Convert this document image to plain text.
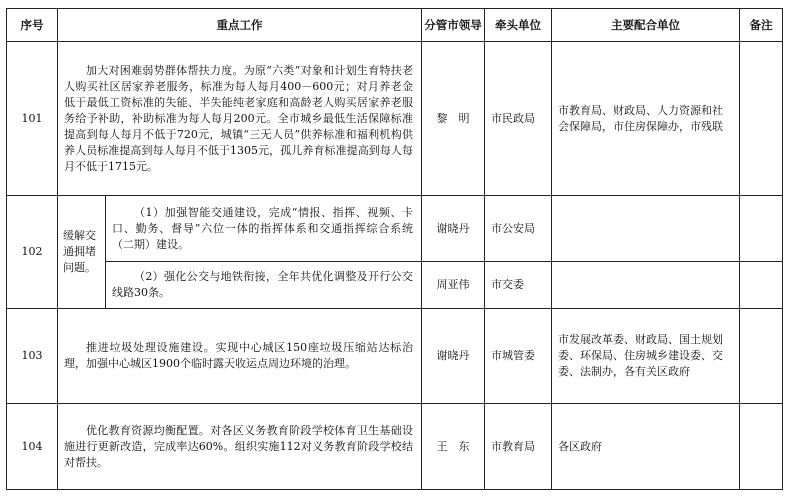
序号	重点工作		分管市领导	牵头单位	主要配合单位	备注
101	加大对困难弱势群体帮扶力度。为原“六类”对象和计划生育特扶老人购买社区居家养老服务，标准为每人每月400－600元；对月养老金低于最低工资标准的失能、半失能纯老家庭和高龄老人购买居家养老服务给予补助，补助标准为每人每月200元。全市城乡最低生活保障标准提高到每人每月不低于720元，城镇“三无人员”供养标准和福利机构供养人员标准提高到每人每月不低于1305元，孤儿养育标准提高到每人每月不低于1715元。		黎　明	市民政局	市教育局、财政局、人力资源和社会保障局，市住房保障办，市残联	
102	缓解交通拥堵问题。	（1）加强智能交通建设，完成“情报、指挥、视频、卡口、勤务、督导”六位一体的指挥体系和交通指挥综合系统（二期）建设。	谢晓丹	市公安局		
		（2）强化公交与地铁衔接，全年共优化调整及开行公交线路30条。	周亚伟	市交委		
103	推进垃圾处理设施建设。实现中心城区150座垃圾压缩站达标治理，加强中心城区1900个临时露天收运点周边环境的治理。		谢晓丹	市城管委	市发展改革委、财政局、国土规划委、环保局、住房城乡建设委、交委、法制办，各有关区政府	
104	优化教育资源均衡配置。对各区义务教育阶段学校体育卫生基础设施进行更新改造，完成率达60%。组织实施112对义务教育阶段学校结对帮扶。		王　东	市教育局	各区政府	
